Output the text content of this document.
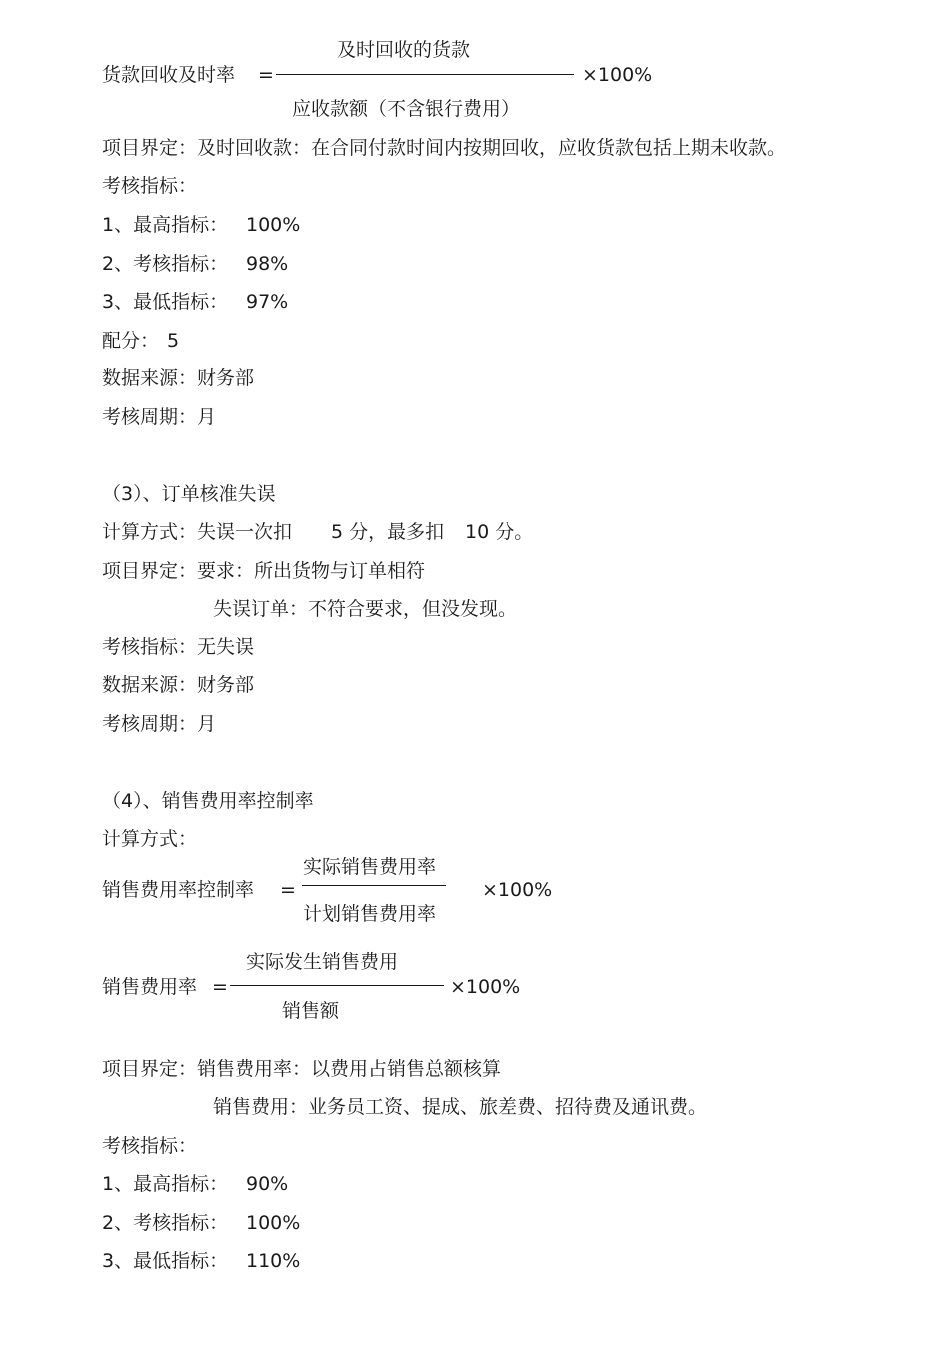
及时回收的货款
货款回收及时率 =	×100%
应收款额（不含银行费用）
项目界定：及时回收款：在合同付款时间内按期回收，应收货款包括上期未收款。
考核指标：
1、最高指标： 100%
2、考核指标： 98%
3、最低指标： 97%
配分： 5
数据来源：财务部
考核周期：月
（3）、订单核准失误
计算方式：失误一次扣 5 分，最多扣 10 分。
项目界定：要求：所出货物与订单相符
失误订单：不符合要求，但没发现。
考核指标：无失误
数据来源：财务部
考核周期：月
（4）、销售费用率控制率
计算方式：
实际销售费用率
销售费用率控制率 =	×100%
计划销售费用率
实际发生销售费用
销售费用率 =	×100%
销售额
项目界定：销售费用率：以费用占销售总额核算
销售费用：业务员工资、提成、旅差费、招待费及通讯费。
考核指标：
1、最高指标： 90%
2、考核指标： 100%
3、最低指标： 110%
